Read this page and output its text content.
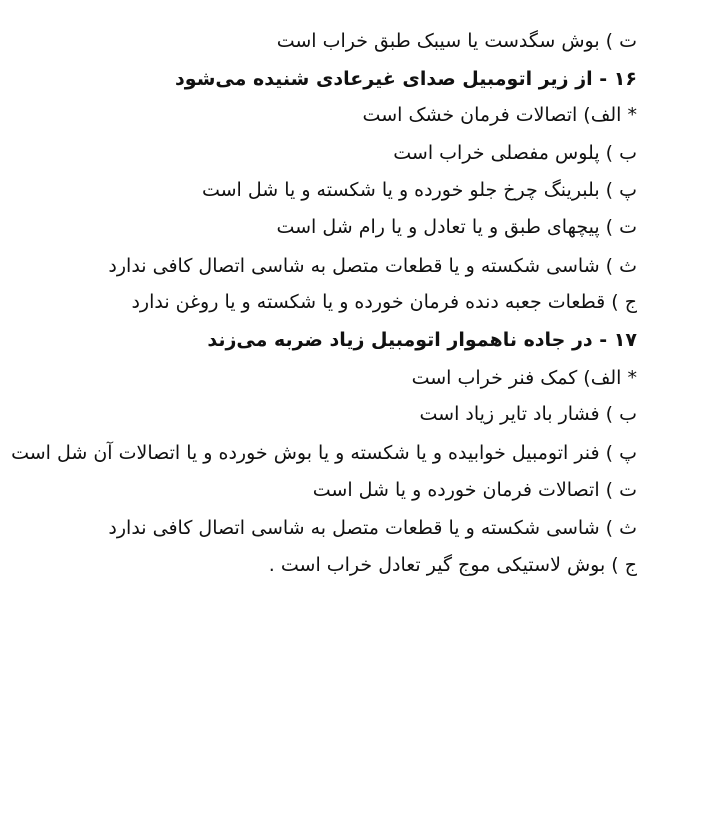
ت ) بوش سگدست یا سیبک طبق خراب است
۱۶ - از زیر اتومبیل صدای غیرعادی شنیده می‌شود
* الف) اتصالات فرمان خشک است
ب ) پلوس مفصلی خراب است
پ ) بلبرینگ چرخ جلو خورده و یا شکسته و یا شل است
ت ) پیچهای طبق و یا تعادل و یا رام شل است
ث ) شاسی شکسته و یا قطعات متصل به شاسی اتصال کافی ندارد
ج ) قطعات جعبه دنده فرمان خورده و یا شکسته و یا روغن ندارد
۱۷ - در جاده ناهموار اتومبیل زیاد ضربه می‌زند
* الف) کمک فنر خراب است
ب ) فشار باد تایر زیاد است
پ ) فنر اتومبیل خوابیده و یا شکسته و یا بوش خورده و یا اتصالات آن شل است
ت ) اتصالات فرمان خورده و یا شل است
ث ) شاسی شکسته و یا قطعات متصل به شاسی اتصال کافی ندارد
ج ) بوش لاستیکی موج گیر تعادل خراب است .
